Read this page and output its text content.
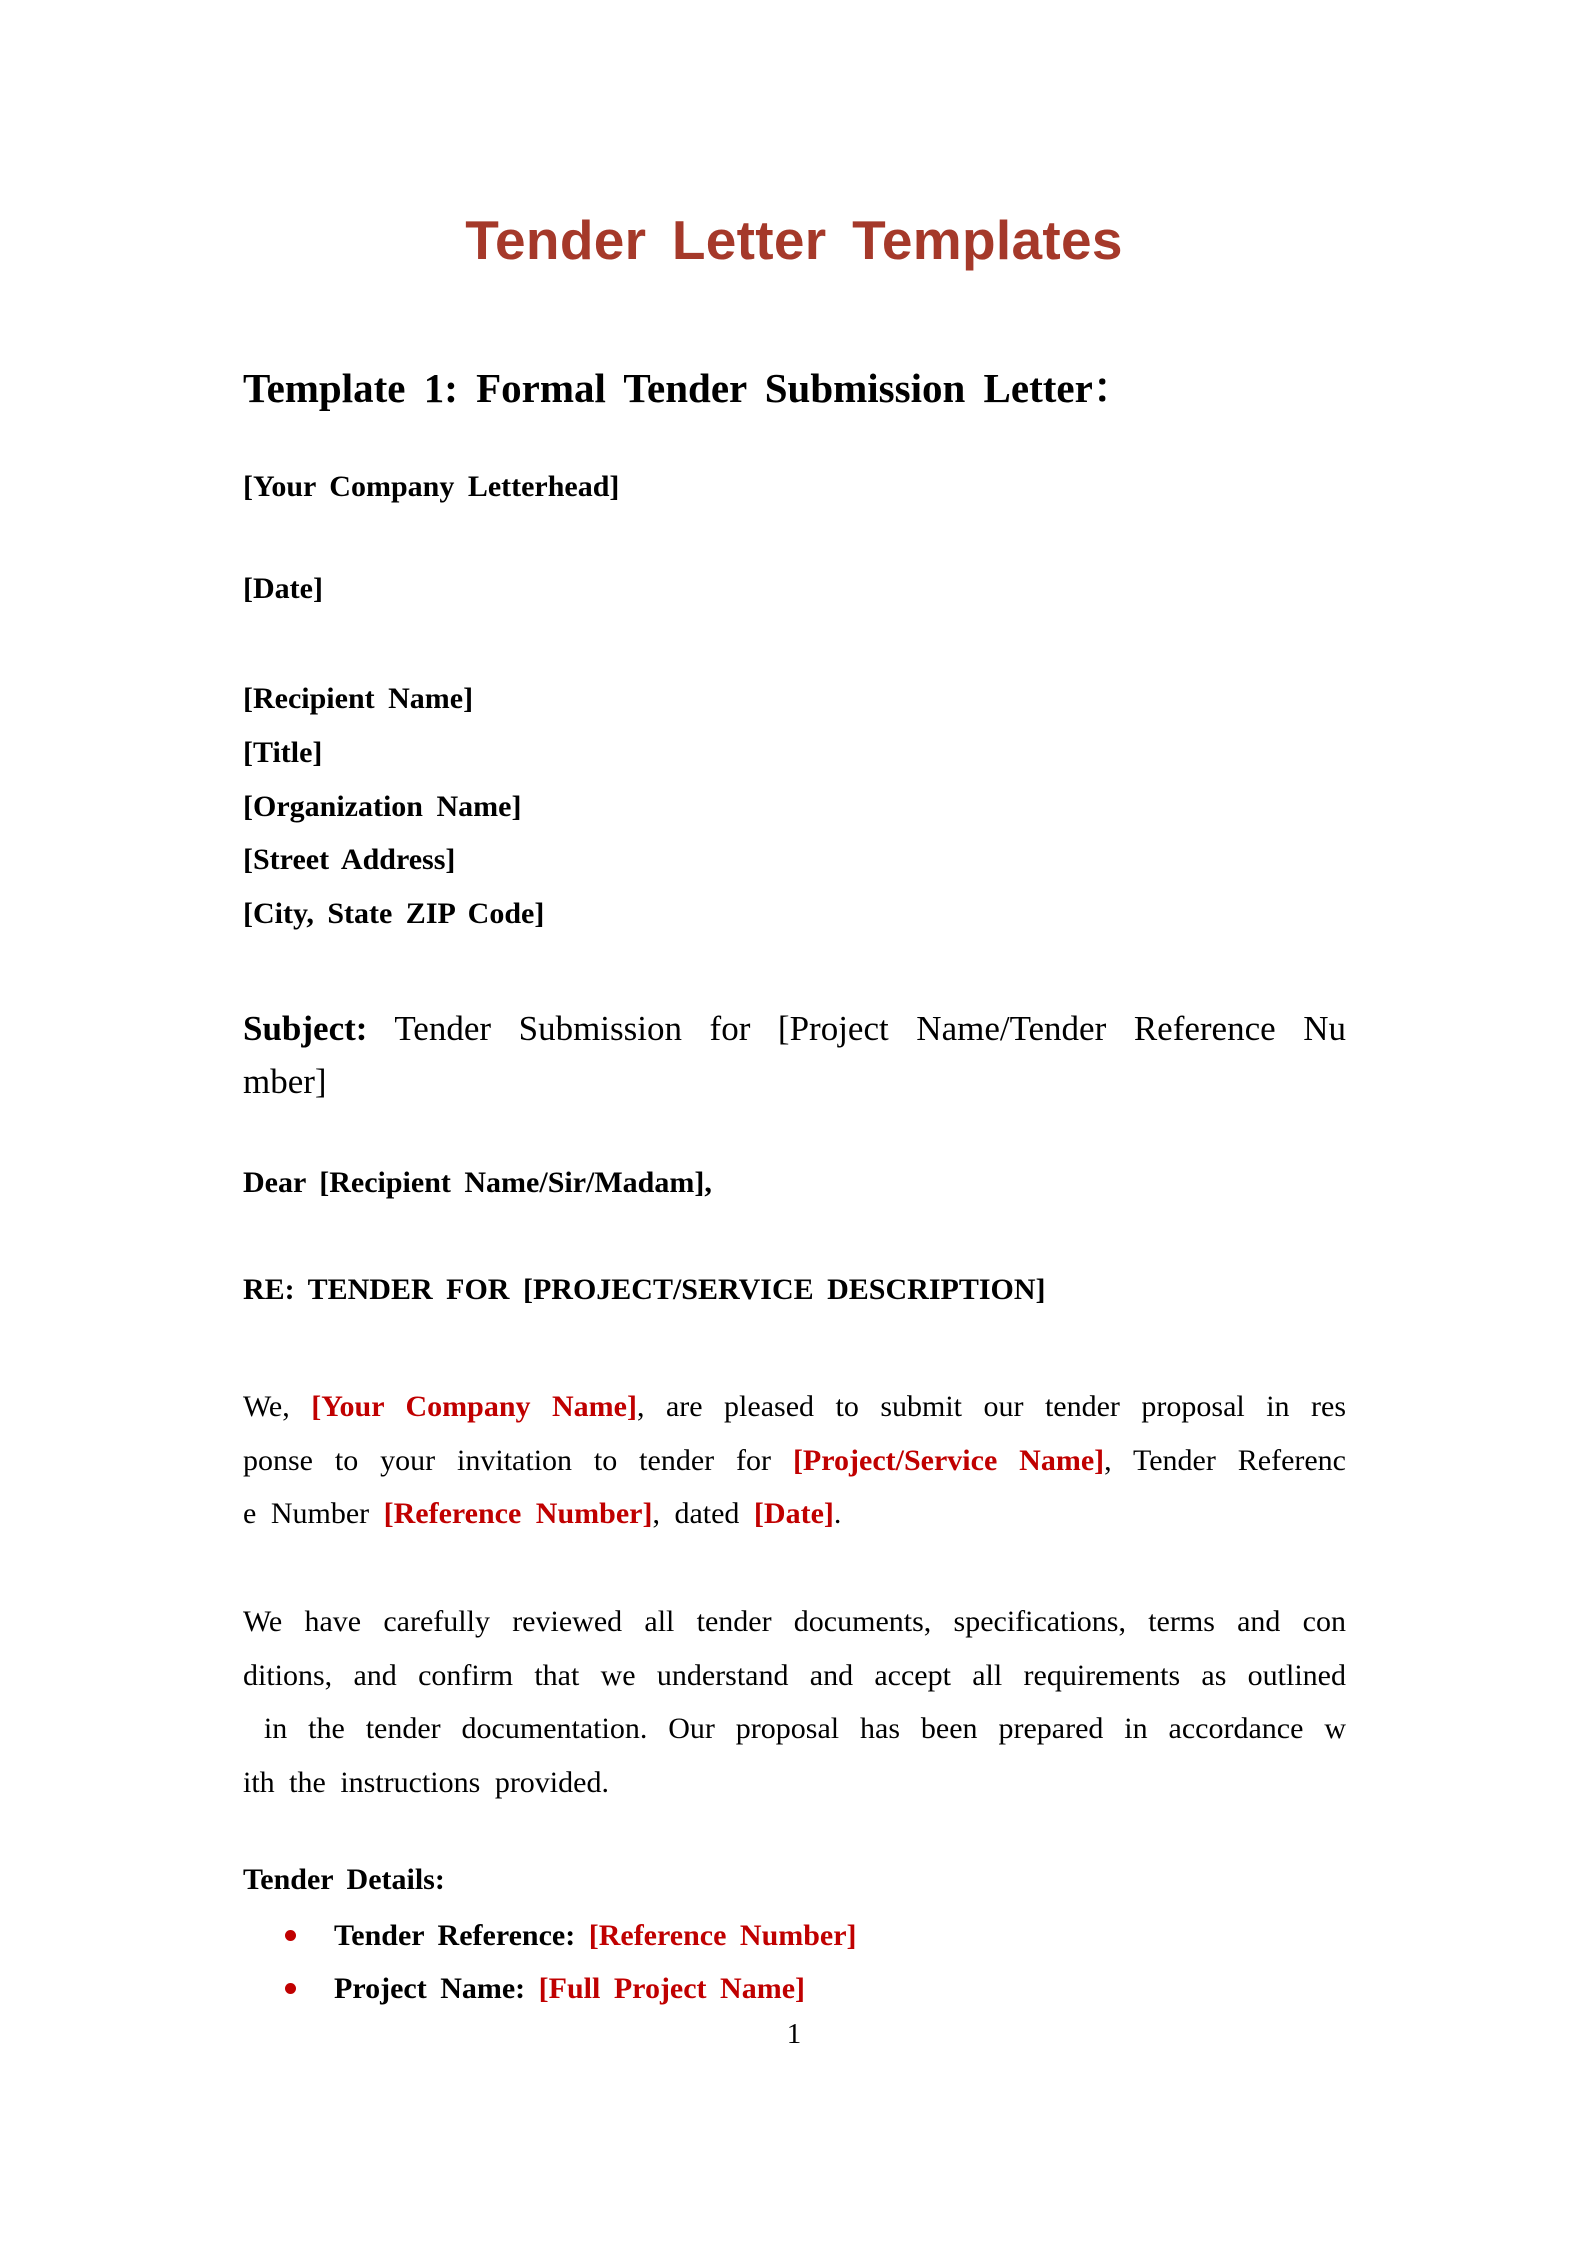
Tender Letter Templates
Template 1: Formal Tender Submission Letter：
[Your Company Letterhead]
[Date]
[Recipient Name]
[Title]
[Organization Name]
[Street Address]
[City, State ZIP Code]
Subject: Tender Submission for [Project Name/Tender Reference Nu
mber]
Dear [Recipient Name/Sir/Madam],
RE: TENDER FOR [PROJECT/SERVICE DESCRIPTION]
We, [Your Company Name], are pleased to submit our tender proposal in res
ponse to your invitation to tender for [Project/Service Name], Tender Referenc
e Number [Reference Number], dated [Date].
We have carefully reviewed all tender documents, specifications, terms and con
ditions, and confirm that we understand and accept all requirements as outlined
in the tender documentation. Our proposal has been prepared in accordance w
ith the instructions provided.
Tender Details:
Tender Reference: [Reference Number]
Project Name: [Full Project Name]
1
